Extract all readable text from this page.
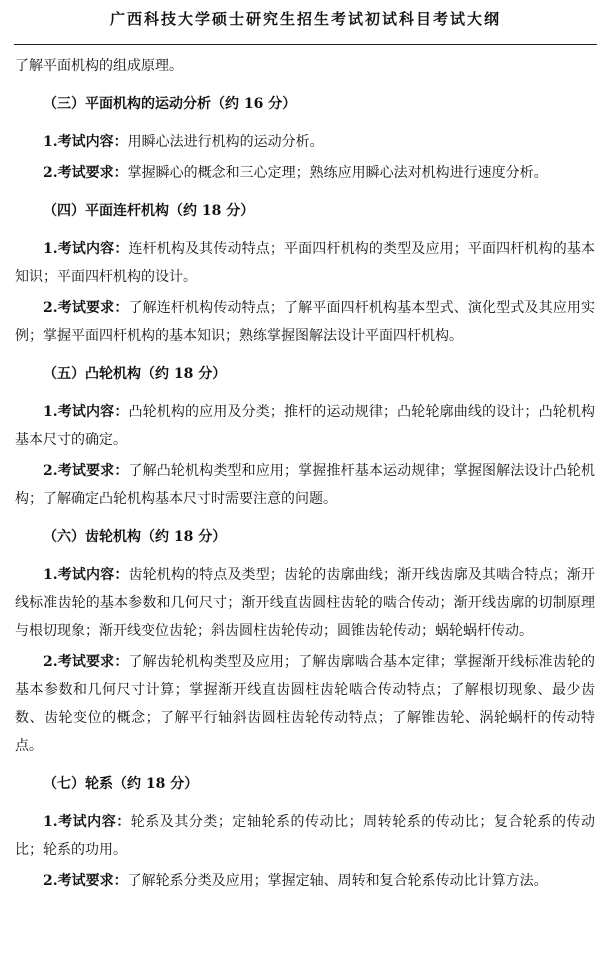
广西科技大学硕士研究生招生考试初试科目考试大纲

了解平面机构的组成原理。

（三）平面机构的运动分析（约 16 分）

1.考试内容：用瞬心法进行机构的运动分析。

2.考试要求：掌握瞬心的概念和三心定理；熟练应用瞬心法对机构进行速度分析。

（四）平面连杆机构（约 18 分）

1.考试内容：连杆机构及其传动特点；平面四杆机构的类型及应用；平面四杆机构的基本知识；平面四杆机构的设计。

2.考试要求：了解连杆机构传动特点；了解平面四杆机构基本型式、演化型式及其应用实例；掌握平面四杆机构的基本知识；熟练掌握图解法设计平面四杆机构。

（五）凸轮机构（约 18 分）

1.考试内容：凸轮机构的应用及分类；推杆的运动规律；凸轮轮廓曲线的设计；凸轮机构基本尺寸的确定。

2.考试要求：了解凸轮机构类型和应用；掌握推杆基本运动规律；掌握图解法设计凸轮机构；了解确定凸轮机构基本尺寸时需要注意的问题。

（六）齿轮机构（约 18 分）

1.考试内容：齿轮机构的特点及类型；齿轮的齿廓曲线；渐开线齿廓及其啮合特点；渐开线标准齿轮的基本参数和几何尺寸；渐开线直齿圆柱齿轮的啮合传动；渐开线齿廓的切制原理与根切现象；渐开线变位齿轮；斜齿圆柱齿轮传动；圆锥齿轮传动；蜗轮蜗杆传动。

2.考试要求：了解齿轮机构类型及应用；了解齿廓啮合基本定律；掌握渐开线标准齿轮的基本参数和几何尺寸计算；掌握渐开线直齿圆柱齿轮啮合传动特点；了解根切现象、最少齿数、齿轮变位的概念；了解平行轴斜齿圆柱齿轮传动特点；了解锥齿轮、涡轮蜗杆的传动特点。

（七）轮系（约 18 分）

1.考试内容：轮系及其分类；定轴轮系的传动比；周转轮系的传动比；复合轮系的传动比；轮系的功用。

2.考试要求：了解轮系分类及应用；掌握定轴、周转和复合轮系传动比计算方法。
